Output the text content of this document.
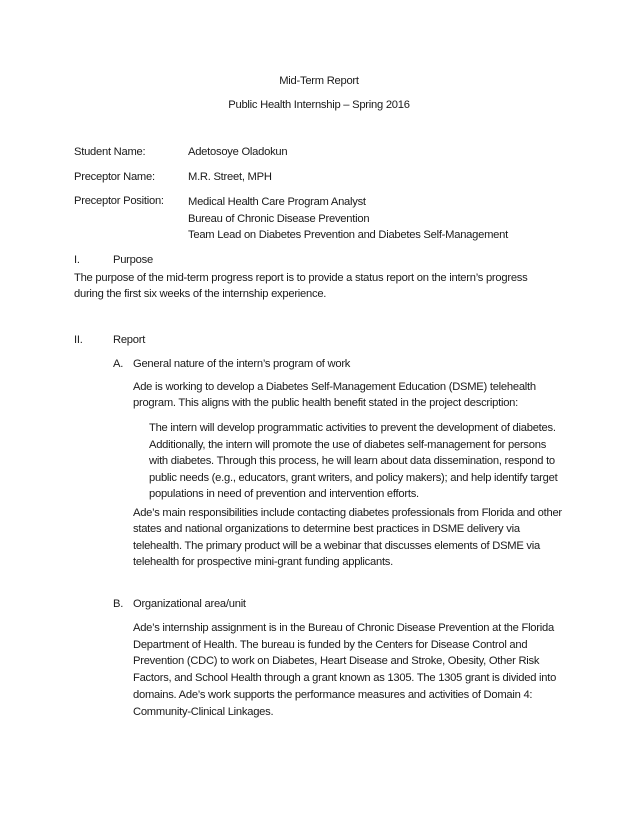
Mid-Term Report
Public Health Internship – Spring 2016
Student Name:	Adetosoye Oladokun
Preceptor Name:	M.R. Street, MPH
Preceptor Position: Medical Health Care Program Analyst
Bureau of Chronic Disease Prevention
Team Lead on Diabetes Prevention and Diabetes Self-Management
I.	Purpose
The purpose of the mid-term progress report is to provide a status report on the intern’s progress
during the first six weeks of the internship experience.
II.	Report
A. General nature of the intern’s program of work
Ade is working to develop a Diabetes Self-Management Education (DSME) telehealth
program. This aligns with the public health benefit stated in the project description:
The intern will develop programmatic activities to prevent the development of diabetes.
Additionally, the intern will promote the use of diabetes self-management for persons
with diabetes. Through this process, he will learn about data dissemination, respond to
public needs (e.g., educators, grant writers, and policy makers); and help identify target
populations in need of prevention and intervention efforts.
Ade’s main responsibilities include contacting diabetes professionals from Florida and other
states and national organizations to determine best practices in DSME delivery via
telehealth. The primary product will be a webinar that discusses elements of DSME via
telehealth for prospective mini-grant funding applicants.
B. Organizational area/unit
Ade’s internship assignment is in the Bureau of Chronic Disease Prevention at the Florida
Department of Health. The bureau is funded by the Centers for Disease Control and
Prevention (CDC) to work on Diabetes, Heart Disease and Stroke, Obesity, Other Risk
Factors, and School Health through a grant known as 1305. The 1305 grant is divided into
domains. Ade’s work supports the performance measures and activities of Domain 4:
Community-Clinical Linkages.
